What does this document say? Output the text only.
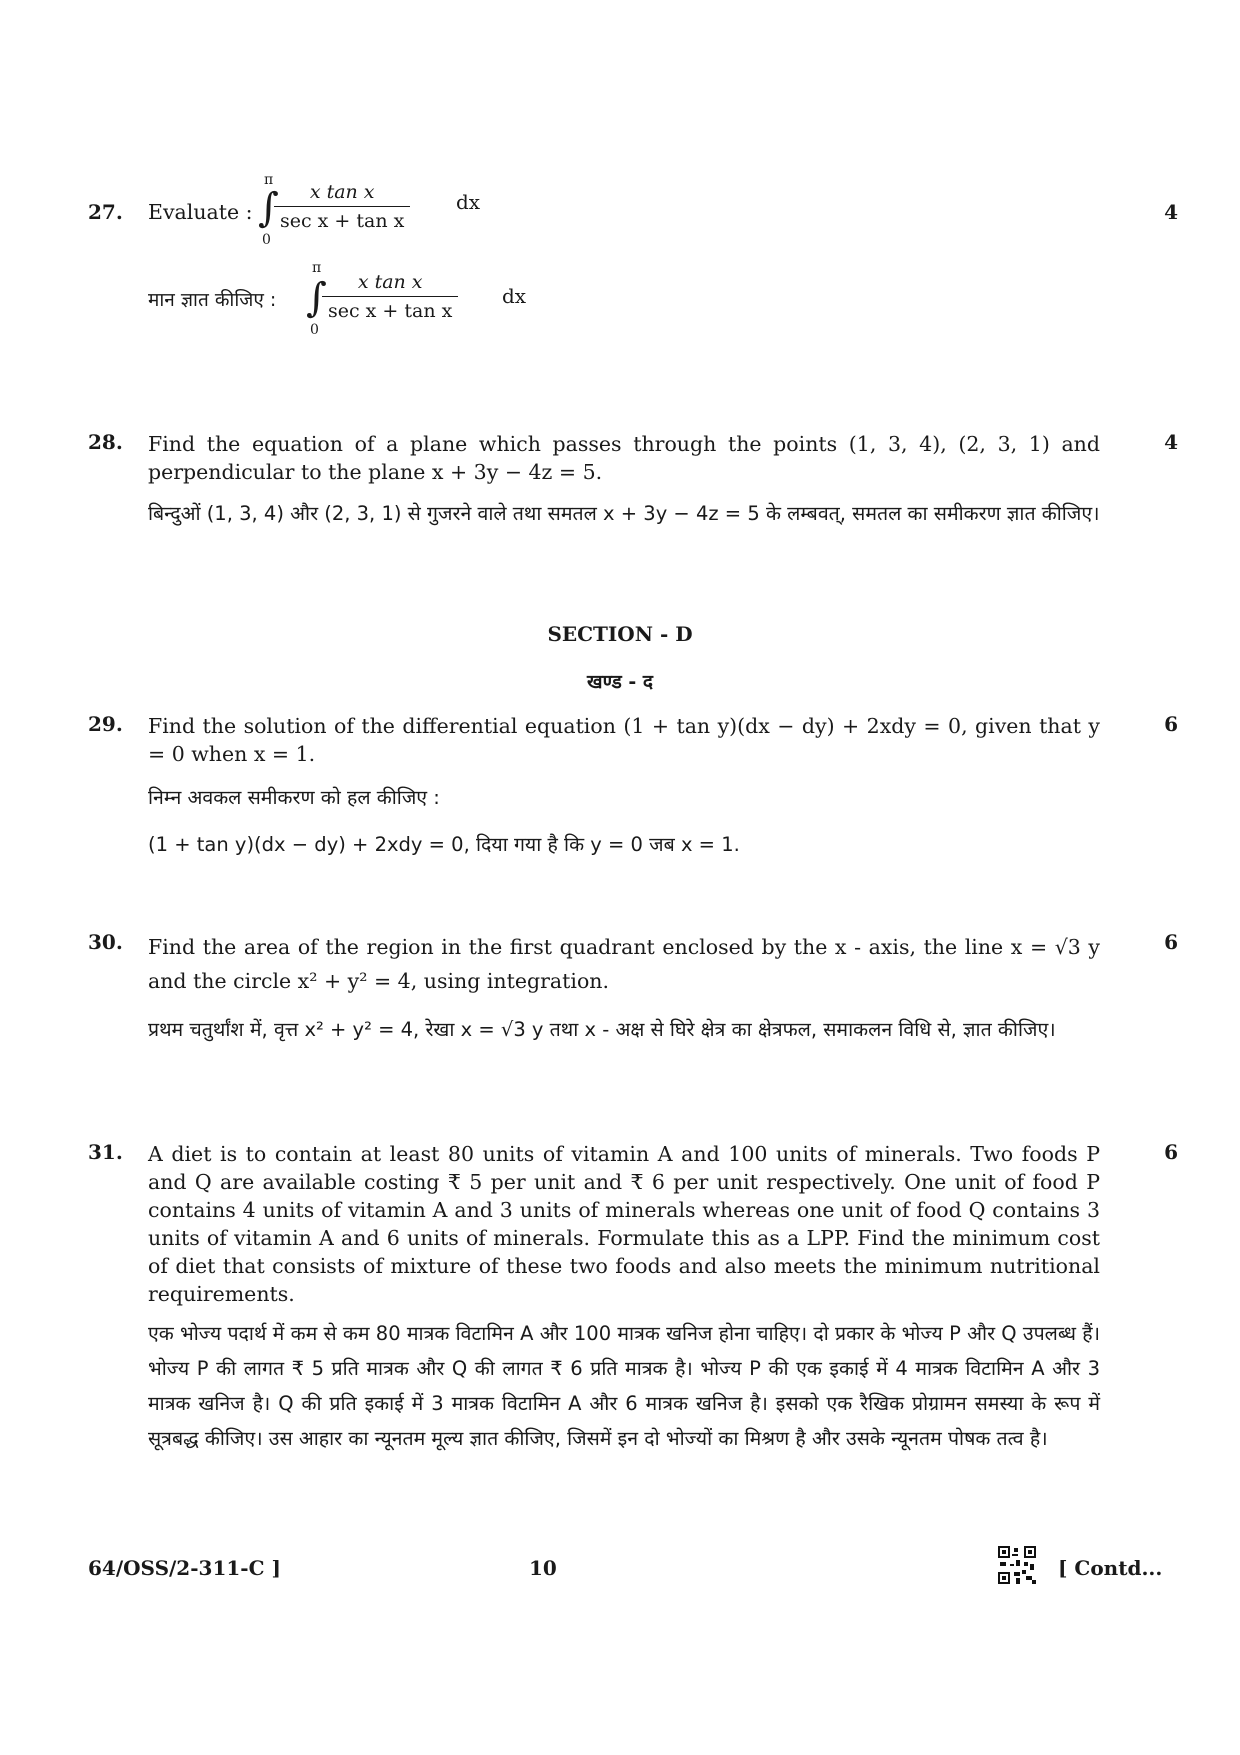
27.	4
Evaluate :
π
∫
0
x tan x
sec x + tan x
dx
मान ज्ञात कीजिए :
π
∫
0
x tan x
sec x + tan x
dx
28.	4
Find the equation of a plane which passes through the points (1, 3, 4), (2, 3, 1) and perpendicular to the plane x + 3y − 4z = 5.
बिन्दुओं (1, 3, 4) और (2, 3, 1) से गुजरने वाले तथा समतल x + 3y − 4z = 5 के लम्बवत्, समतल का समीकरण ज्ञात कीजिए।
SECTION - D
खण्ड - द
29.	6
Find the solution of the differential equation (1 + tan y)(dx − dy) + 2xdy = 0, given that y = 0 when x = 1.
निम्न अवकल समीकरण को हल कीजिए :
(1 + tan y)(dx − dy) + 2xdy = 0, दिया गया है कि y = 0 जब x = 1.
30.	6
Find the area of the region in the first quadrant enclosed by the x - axis, the line x = √3 y and the circle x² + y² = 4, using integration.
प्रथम चतुर्थांश में, वृत्त x² + y² = 4, रेखा x = √3 y तथा x - अक्ष से घिरे क्षेत्र का क्षेत्रफल, समाकलन विधि से, ज्ञात कीजिए।
31.	6
A diet is to contain at least 80 units of vitamin A and 100 units of minerals. Two foods P and Q are available costing ₹ 5 per unit and ₹ 6 per unit respectively. One unit of food P contains 4 units of vitamin A and 3 units of minerals whereas one unit of food Q contains 3 units of vitamin A and 6 units of minerals. Formulate this as a LPP. Find the minimum cost of diet that consists of mixture of these two foods and also meets the minimum nutritional requirements.
एक भोज्य पदार्थ में कम से कम 80 मात्रक विटामिन A और 100 मात्रक खनिज होना चाहिए। दो प्रकार के भोज्य P और Q उपलब्ध हैं। भोज्य P की लागत ₹ 5 प्रति मात्रक और Q की लागत ₹ 6 प्रति मात्रक है। भोज्य P की एक इकाई में 4 मात्रक विटामिन A और 3 मात्रक खनिज है। Q की प्रति इकाई में 3 मात्रक विटामिन A और 6 मात्रक खनिज है। इसको एक रैखिक प्रोग्रामन समस्या के रूप में सूत्रबद्ध कीजिए। उस आहार का न्यूनतम मूल्य ज्ञात कीजिए, जिसमें इन दो भोज्यों का मिश्रण है और उसके न्यूनतम पोषक तत्व है।
64/OSS/2-311-C ]	10	[ Contd...
